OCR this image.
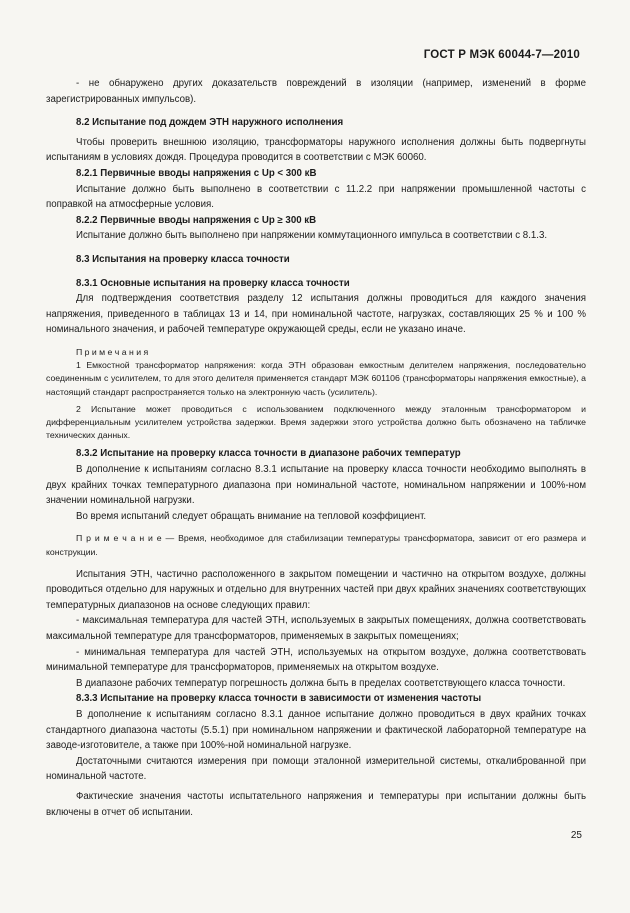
ГОСТ Р МЭК 60044-7—2010

- не обнаружено других доказательств повреждений в изоляции (например, изменений в форме зарегистрированных импульсов).

8.2 Испытание под дождем ЭТН наружного исполнения

Чтобы проверить внешнюю изоляцию, трансформаторы наружного исполнения должны быть подвергнуты испытаниям в условиях дождя. Процедура проводится в соответствии с МЭК 60060.

8.2.1 Первичные вводы напряжения с Up < 300 кВ

Испытание должно быть выполнено в соответствии с 11.2.2 при напряжении промышленной частоты с поправкой на атмосферные условия.

8.2.2 Первичные вводы напряжения с Up ≥ 300 кВ

Испытание должно быть выполнено при напряжении коммутационного импульса в соответствии с 8.1.3.

8.3 Испытания на проверку класса точности

8.3.1 Основные испытания на проверку класса точности

Для подтверждения соответствия разделу 12 испытания должны проводиться для каждого значения напряжения, приведенного в таблицах 13 и 14, при номинальной частоте, нагрузках, составляющих 25 % и 100 % номинального значения, и рабочей температуре окружающей среды, если не указано иначе.

П р и м е ч а н и я

1 Емкостной трансформатор напряжения: когда ЭТН образован емкостным делителем напряжения, последовательно соединенным с усилителем, то для этого делителя применяется стандарт МЭК 601106 (трансформаторы напряжения емкостные), а настоящий стандарт распространяется только на электронную часть (усилитель).

2 Испытание может проводиться с использованием подключенного между эталонным трансформатором и дифференциальным усилителем устройства задержки. Время задержки этого устройства должно быть обозначено на табличке технических данных.

8.3.2 Испытание на проверку класса точности в диапазоне рабочих температур

В дополнение к испытаниям согласно 8.3.1 испытание на проверку класса точности необходимо выполнять в двух крайних точках температурного диапазона при номинальной частоте, номинальном напряжении и 100%-ном значении номинальной нагрузки.

Во время испытаний следует обращать внимание на тепловой коэффициент.

П р и м е ч а н и е — Время, необходимое для стабилизации температуры трансформатора, зависит от его размера и конструкции.

Испытания ЭТН, частично расположенного в закрытом помещении и частично на открытом воздухе, должны проводиться отдельно для наружных и отдельно для внутренних частей при двух крайних значениях соответствующих температурных диапазонов на основе следующих правил:

- максимальная температура для частей ЭТН, используемых в закрытых помещениях, должна соответствовать максимальной температуре для трансформаторов, применяемых в закрытых помещениях;

- минимальная температура для частей ЭТН, используемых на открытом воздухе, должна соответствовать минимальной температуре для трансформаторов, применяемых на открытом воздухе.

В диапазоне рабочих температур погрешность должна быть в пределах соответствующего класса точности.

8.3.3 Испытание на проверку класса точности в зависимости от изменения частоты

В дополнение к испытаниям согласно 8.3.1 данное испытание должно проводиться в двух крайних точках стандартного диапазона частоты (5.5.1) при номинальном напряжении и фактической лабораторной температуре на заводе-изготовителе, а также при 100%-ной номинальной нагрузке.

Достаточными считаются измерения при помощи эталонной измерительной системы, откалиброванной при номинальной частоте.

Фактические значения частоты испытательного напряжения и температуры при испытании должны быть включены в отчет об испытании.

25
